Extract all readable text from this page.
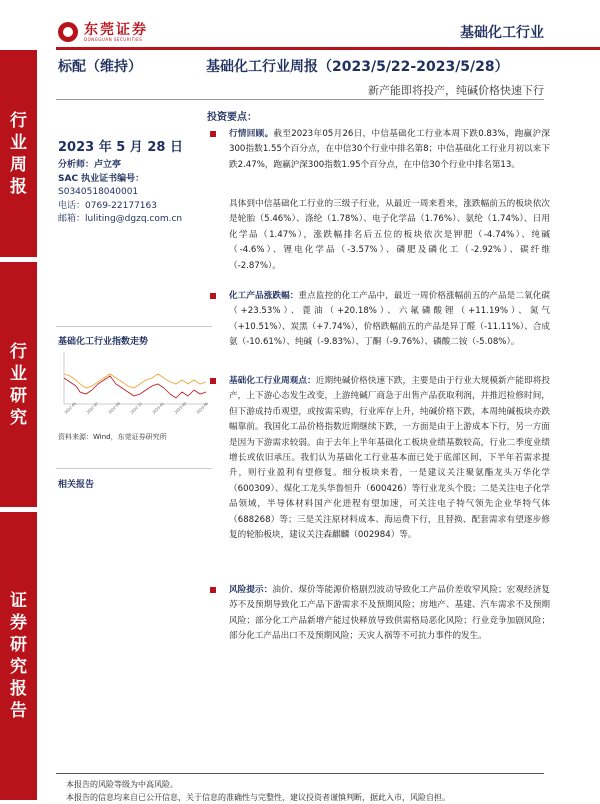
东莞证券
DONGGUAN SECURITIES	基础化工行业
行业周报
行业研究
证券研究报告
标配（维持）	基础化工行业周报（2023/5/22-2023/5/28）
新产能即将投产，纯碱价格快速下行
2023 年 5 月 28 日
分析师：卢立亭
SAC 执业证书编号：
S0340518040001
电话：0769-22177163
邮箱：luliting@dgzq.com.cn
基础化工行业指数走势
2022-05	2022-07	2022-09	2022-11	2023-01	2023-03	2023-05
资料来源：Wind，东莞证券研究所
相关报告
投资要点：
行情回顾。截至2023年05月26日，中信基础化工行业本周下跌0.83%，跑赢沪深300指数1.55个百分点，在中信30个行业中排名第8；中信基础化工行业月初以来下跌2.47%，跑赢沪深300指数1.95个百分点，在中信30个行业中排名第13。
具体到中信基础化工行业的三级子行业，从最近一周来看来，涨跌幅前五的板块依次是轮胎（5.46%）、涤纶（1.78%）、电子化学品（1.76%）、氨纶（1.74%）、日用化学品（1.47%），涨跌幅排名后五位的板块依次是钾肥（-4.74%）、纯碱（-4.6%）、锂电化学品（-3.57%）、磷肥及磷化工（-2.92%）、碳纤维（-2.87%）。
化工产品涨跌幅：重点监控的化工产品中，最近一周价格涨幅前五的产品是二氧化碳（+23.53%）、蓖油（+20.18%）、六氟磷酸锂（+11.19%）、氮气（+10.51%）、炭黑（+7.74%），价格跌幅前五的产品是异丁醛（-11.11%）、合成氨（-10.61%）、纯碱（-9.83%）、丁酮（-9.76%）、磷酸二铵（-5.08%）。
基础化工行业周观点：近期纯碱价格快速下跌，主要是由于行业大规模新产能即将投产，上下游心态发生改变，上游纯碱厂商急于出售产品获取利润，并推迟检修时间，但下游成持币观望，或按需采购，行业库存上升，纯碱价格下跌，本周纯碱板块亦跌幅靠前。我国化工品价格指数近期继续下跌，一方面是由于上游成本下行，另一方面是因为下游需求较弱。由于去年上半年基础化工板块业绩基数较高，行业二季度业绩增长或依旧承压。我们认为基础化工行业基本面已处于底部区间，下半年若需求提升，则行业盈利有望修复。细分板块来看，一是建议关注聚氨酯龙头万华化学（600309）、煤化工龙头华鲁恒升（600426）等行业龙头个股；二是关注电子化学品领域，半导体材料国产化进程有望加速，可关注电子特气领先企业华特气体（688268）等；三是关注原材料成本、海运费下行，且替换、配套需求有望逐步修复的轮胎板块，建议关注森麒麟（002984）等。
风险提示：油价、煤价等能源价格剧烈波动导致化工产品价差收窄风险；宏观经济复苏不及预期导致化工产品下游需求不及预期风险；房地产、基建、汽车需求不及预期风险；部分化工产品新增产能过快释放导致供需格局恶化风险；行业竞争加剧风险；部分化工产品出口不及预期风险；天灾人祸等不可抗力事件的发生。
本报告的风险等级为中高风险。
本报告的信息均来自已公开信息，关于信息的准确性与完整性，建议投资者谨慎判断，据此入市，风险自担。
